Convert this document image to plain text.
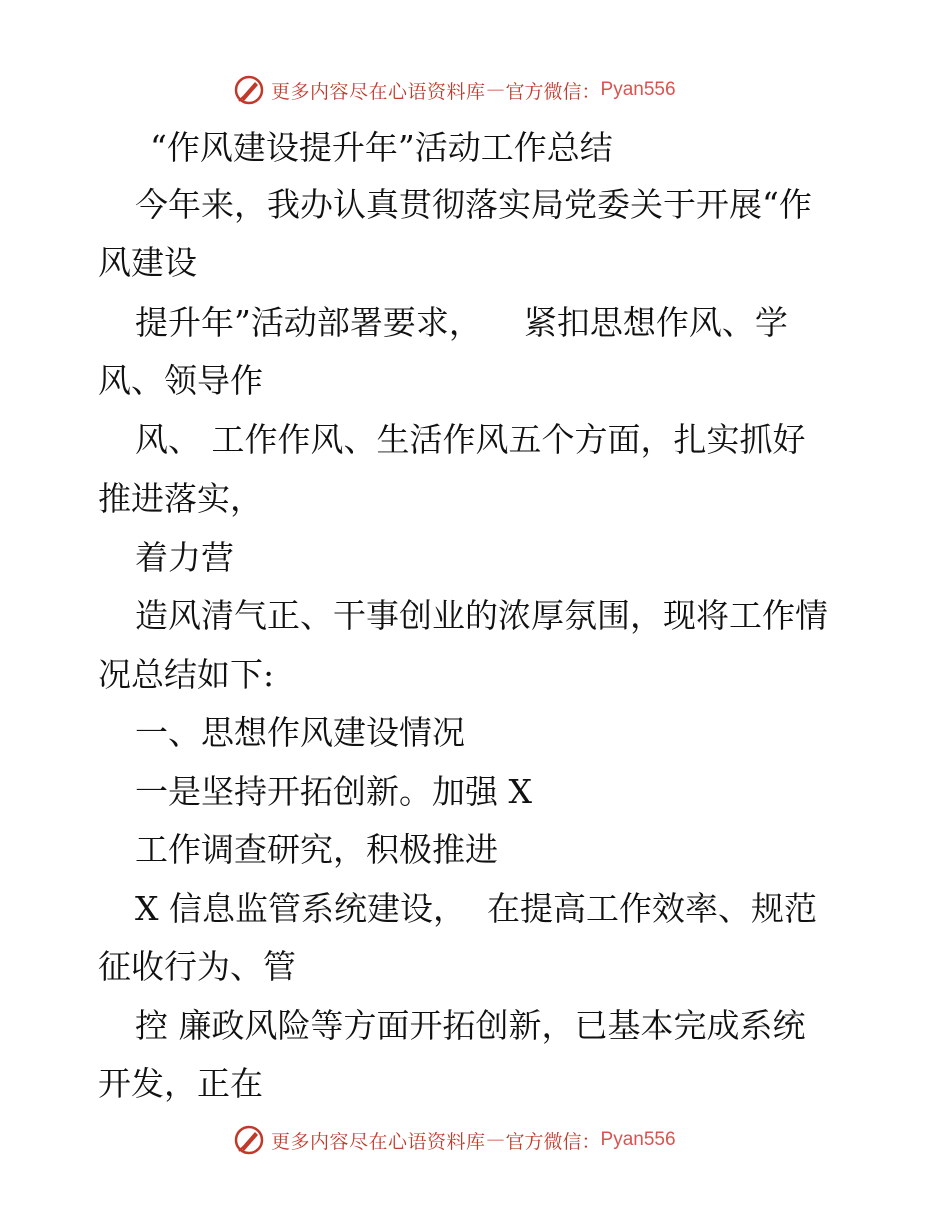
更多内容尽在心语资料库 — 官方微信： Pyan556
“作风建设提升年”活动工作总结
今年来，我办认真贯彻落实局党委关于开展“作
风建设
提升年”活动部署要求，    紧扣思想作风、学
风、领导作
风、 工作作风、生活作风五个方面，扎实抓好
推进落实，
着力营
造风清气正、干事创业的浓厚氛围，现将工作情
况总结如下:
一、思想作风建设情况
一是坚持开拓创新。加强 X
工作调查研究，积极推进
X 信息监管系统建设，  在提高工作效率、规范
征收行为、管
控 廉政风险等方面开拓创新，已基本完成系统
开发，正在
更多内容尽在心语资料库 — 官方微信： Pyan556
